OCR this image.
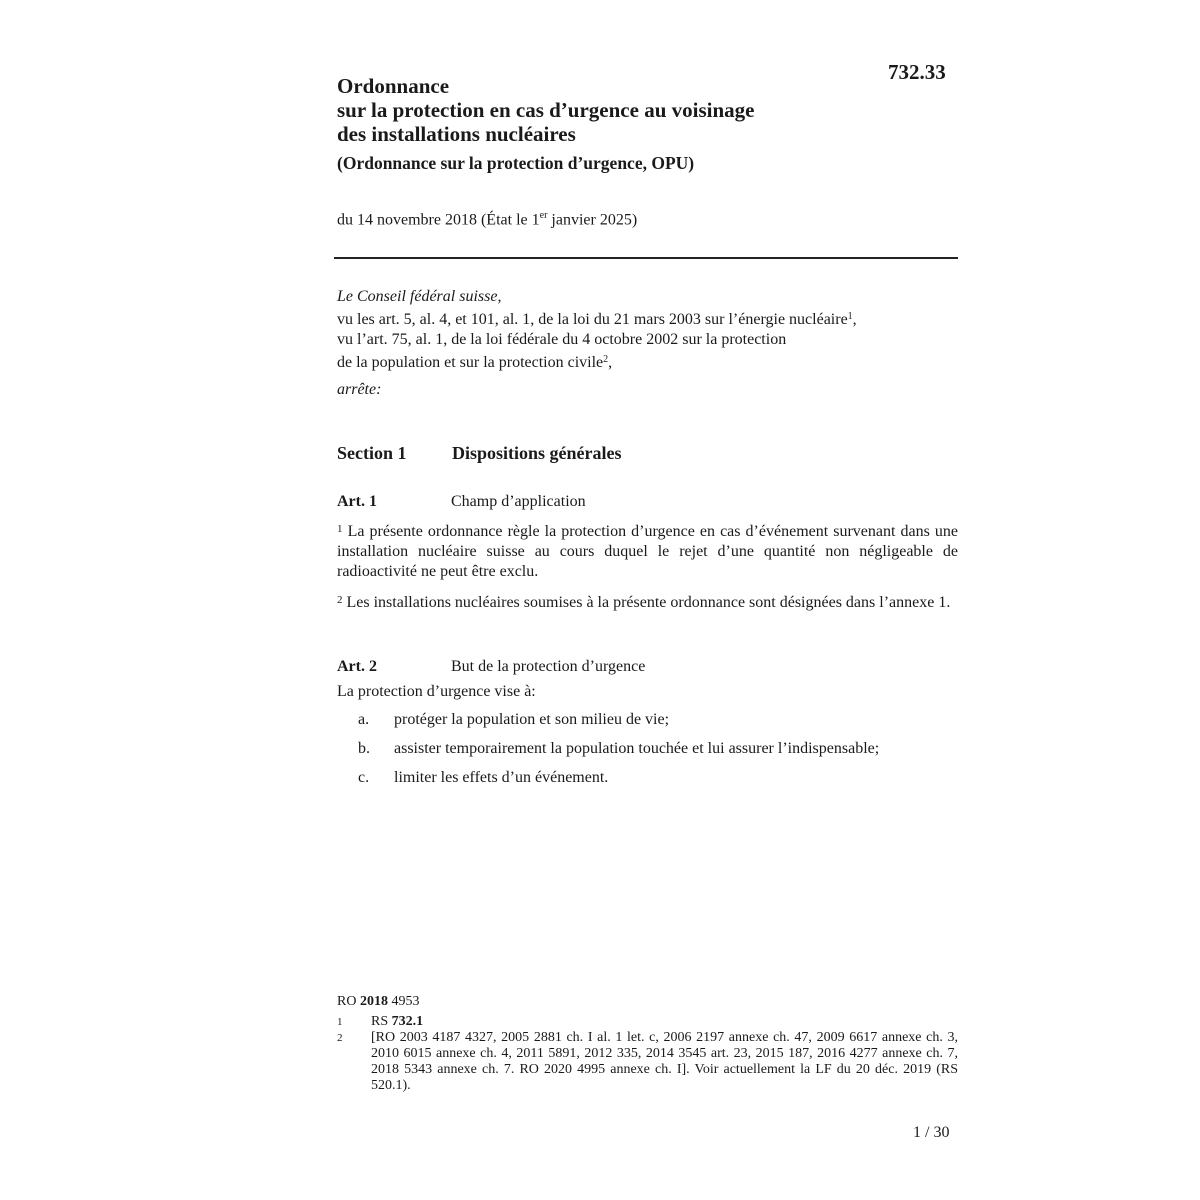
732.33
Ordonnance
sur la protection en cas d’urgence au voisinage
des installations nucléaires
(Ordonnance sur la protection d’urgence, OPU)
du 14 novembre 2018 (État le 1er janvier 2025)
Le Conseil fédéral suisse,
vu les art. 5, al. 4, et 101, al. 1, de la loi du 21 mars 2003 sur l’énergie nucléaire$^1$,
vu l’art. 75, al. 1, de la loi fédérale du 4 octobre 2002 sur la protection
de la population et sur la protection civile$^2$,
arrête:
Section 1	Dispositions générales
Art. 1	Champ d’application
$^1$ La présente ordonnance règle la protection d’urgence en cas d’événement survenant dans une installation nucléaire suisse au cours duquel le rejet d’une quantité non négligeable de radioactivité ne peut être exclu.
$^2$ Les installations nucléaires soumises à la présente ordonnance sont désignées dans l’annexe 1.
Art. 2	But de la protection d’urgence
La protection d’urgence vise à:
a.	protéger la population et son milieu de vie;
b.	assister temporairement la population touchée et lui assurer l’indispensable;
c.	limiter les effets d’un événement.
RO 2018 4953
1	RS 732.1
2	[RO 2003 4187 4327, 2005 2881 ch. I al. 1 let. c, 2006 2197 annexe ch. 47, 2009 6617 annexe ch. 3, 2010 6015 annexe ch. 4, 2011 5891, 2012 335, 2014 3545 art. 23, 2015 187, 2016 4277 annexe ch. 7, 2018 5343 annexe ch. 7. RO 2020 4995 annexe ch. I]. Voir actuellement la LF du 20 déc. 2019 (RS 520.1).
1 / 30
